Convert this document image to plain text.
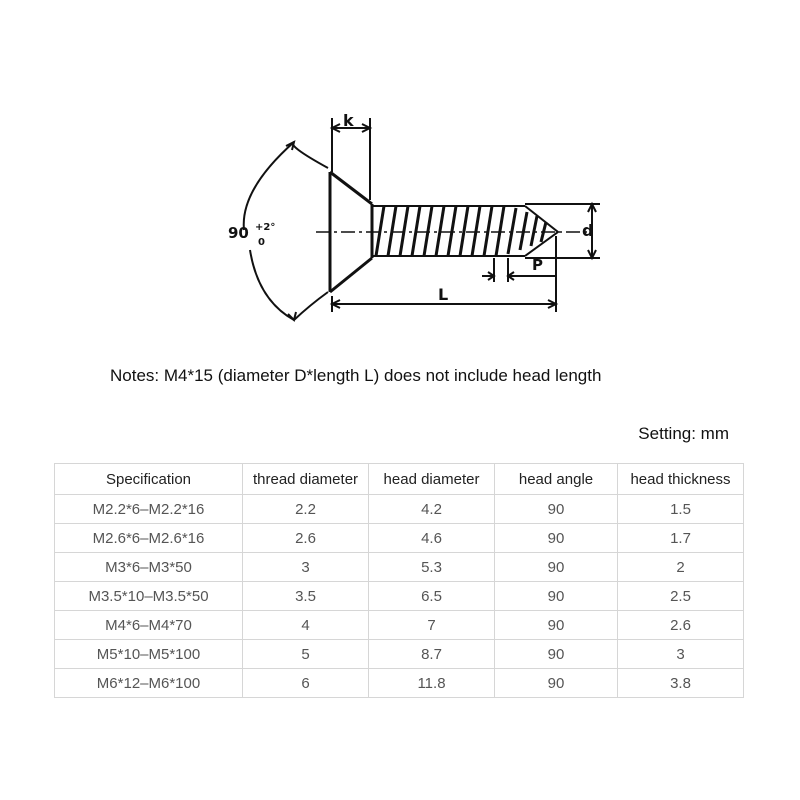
k
90 +2°
0
d
P
L
Notes: M4*15 (diameter D*length L) does not include head length
Setting: mm
Specification	thread diameter	head diameter	head angle	head thickness
M2.2*6–M2.2*16	2.2	4.2	90	1.5
M2.6*6–M2.6*16	2.6	4.6	90	1.7
M3*6–M3*50	3	5.3	90	2
M3.5*10–M3.5*50	3.5	6.5	90	2.5
M4*6–M4*70	4	7	90	2.6
M5*10–M5*100	5	8.7	90	3
M6*12–M6*100	6	11.8	90	3.8
